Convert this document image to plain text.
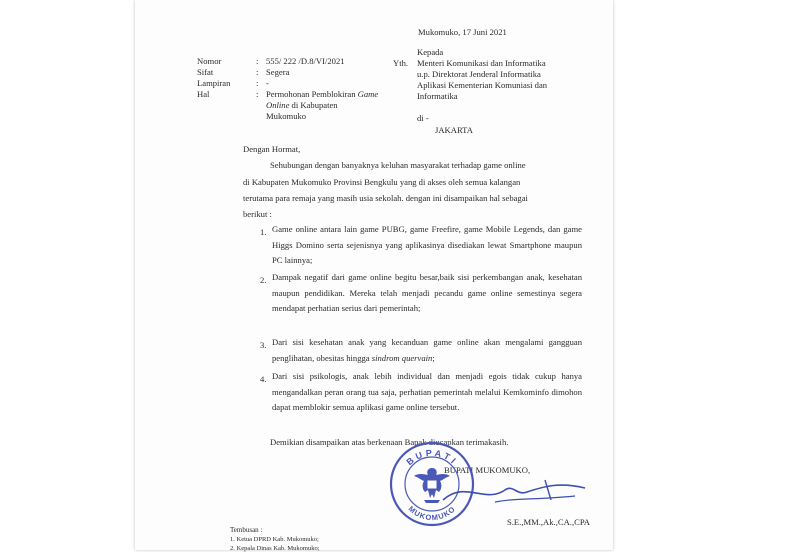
Mukomuko, 17 Juni 2021
Nomor	: 555/ 222 /D.8/VI/2021
Sifat	: Segera
Lampiran	: -
Hal	: Permohonan Pemblokiran Game
Online di Kabupaten
Mukomuko
Kepada
Yth. Menteri Komunikasi dan Informatika
u.p. Direktorat Jenderal Informatika
Aplikasi Kementerian Komuniasi dan
Informatika
di -
JAKARTA
Dengan Hormat,
Sehubungan dengan banyaknya keluhan masyarakat terhadap game online
di Kabupaten Mukomuko Provinsi Bengkulu yang di akses oleh semua kalangan
terutama para remaja yang masih usia sekolah. dengan ini disampaikan hal sebagai
berikut :
1. Game online antara lain game PUBG, game Freefire, game Mobile Legends, dan game Higgs Domino serta sejenisnya yang aplikasinya disediakan lewat Smartphone maupun PC lainnya;
2. Dampak negatif dari game online begitu besar,baik sisi perkembangan anak, kesehatan maupun pendidikan. Mereka telah menjadi pecandu game online semestinya segera mendapat perhatian serius dari pemerintah;
3. Dari sisi kesehatan anak yang kecanduan game online akan mengalami gangguan penglihatan, obesitas hingga sindrom quervain;
4. Dari sisi psikologis, anak lebih individual dan menjadi egois tidak cukup hanya mengandalkan peran orang tua saja, perhatian pemerintah melalui Kemkominfo dimohon dapat memblokir semua aplikasi game online tersebut.
Demikian disampaikan atas berkenaan Bapak diucapkan terimakasih.
BUPATI MUKOMUKO,
BUPATI
MUKOMUKO
S.E.,MM.,Ak.,CA.,CPA
Tembusan :
1. Ketua DPRD Kab. Mukomuko;
2. Kepala Dinas Kab. Mukomuko;
